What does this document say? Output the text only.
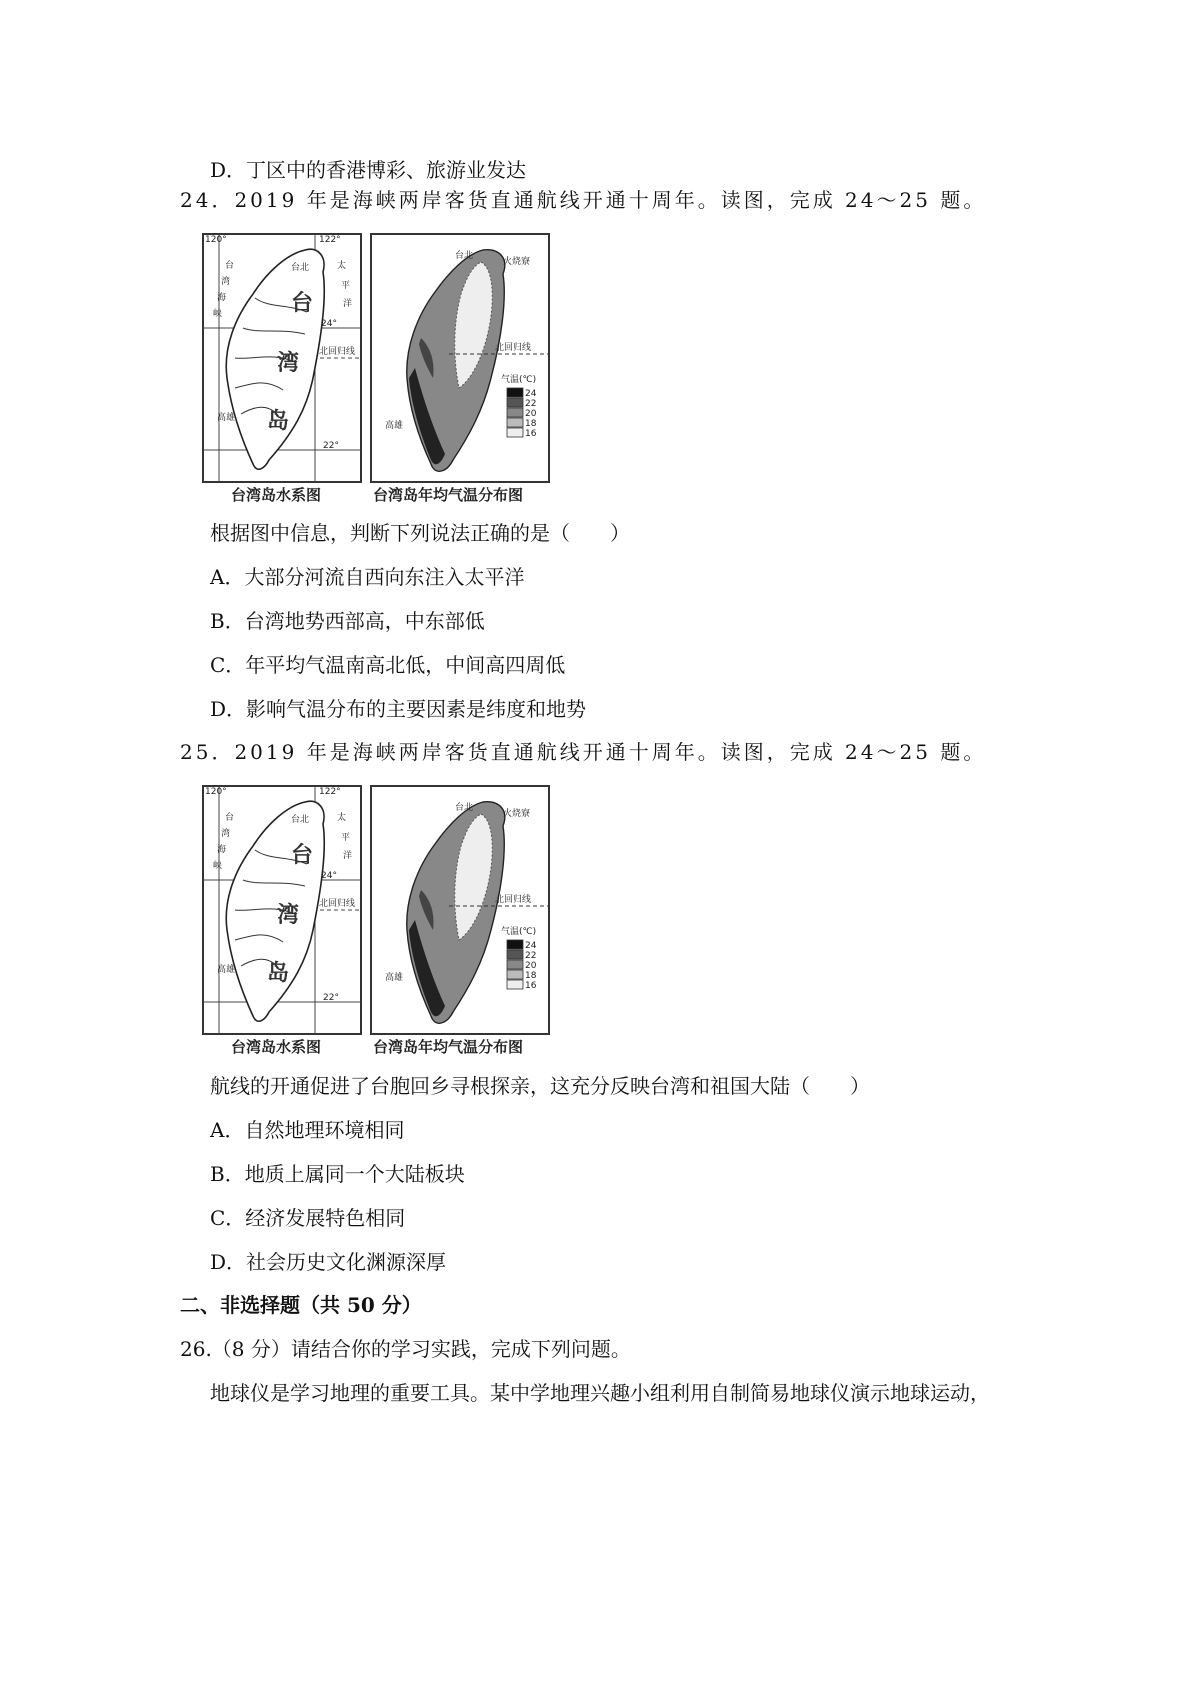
D．丁区中的香港博彩、旅游业发达
24．2019 年是海峡两岸客货直通航线开通十周年。读图，完成 24～25 题。
120°	122°
24°
22°
北回归线
台北
高雄
台
湾
岛
台
湾
海
峡
太
平
洋
台湾岛水系图
台北
火烧寮
北回归线
高雄
气温(℃)
24
22
20
18
16
台湾岛年均气温分布图
根据图中信息，判断下列说法正确的是（　　）
A．大部分河流自西向东注入太平洋
B．台湾地势西部高，中东部低
C．年平均气温南高北低，中间高四周低
D．影响气温分布的主要因素是纬度和地势
25．2019 年是海峡两岸客货直通航线开通十周年。读图，完成 24～25 题。
120°	122°
24°
22°
北回归线
台北
高雄
台
湾
岛
台
湾
海
峡
太
平
洋
台湾岛水系图
台北
火烧寮
北回归线
高雄
气温(℃)
24
22
20
18
16
台湾岛年均气温分布图
航线的开通促进了台胞回乡寻根探亲，这充分反映台湾和祖国大陆（　　）
A．自然地理环境相同
B．地质上属同一个大陆板块
C．经济发展特色相同
D．社会历史文化渊源深厚
二、非选择题（共 50 分）
26.（8 分）请结合你的学习实践，完成下列问题。
地球仪是学习地理的重要工具。某中学地理兴趣小组利用自制简易地球仪演示地球运动，
